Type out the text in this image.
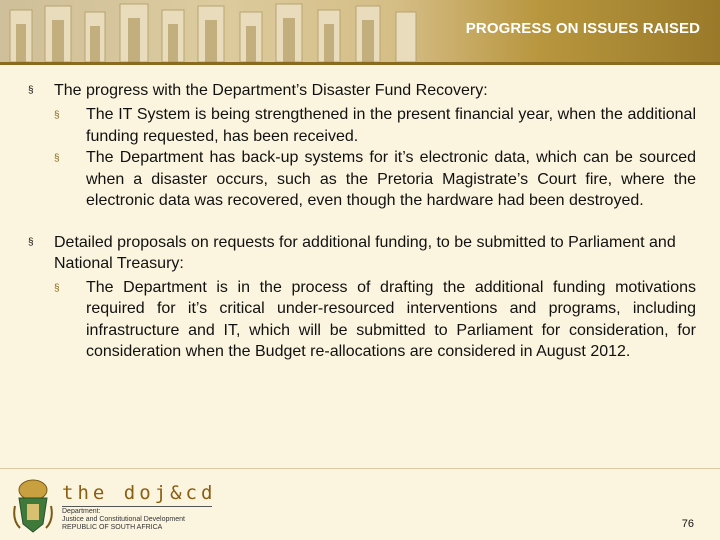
PROGRESS ON ISSUES RAISED
§ The progress with the Department’s Disaster Fund Recovery:
§ The IT System is being strengthened in the present financial year, when the additional funding requested, has been received.
§ The Department has back-up systems for it’s electronic data, which can be sourced when a disaster occurs, such as the Pretoria Magistrate’s Court fire, where the electronic data was recovered, even though the hardware had been destroyed.
§ Detailed proposals on requests for additional funding, to be submitted to Parliament and National Treasury:
§ The Department is in the process of drafting the additional funding motivations required for it’s critical under-resourced interventions and programs, including infrastructure and IT, which will be submitted to Parliament for consideration, for consideration when the Budget re-allocations are considered in August 2012.
the doj&cd
Department:
Justice and Constitutional Development
REPUBLIC OF SOUTH AFRICA	76
